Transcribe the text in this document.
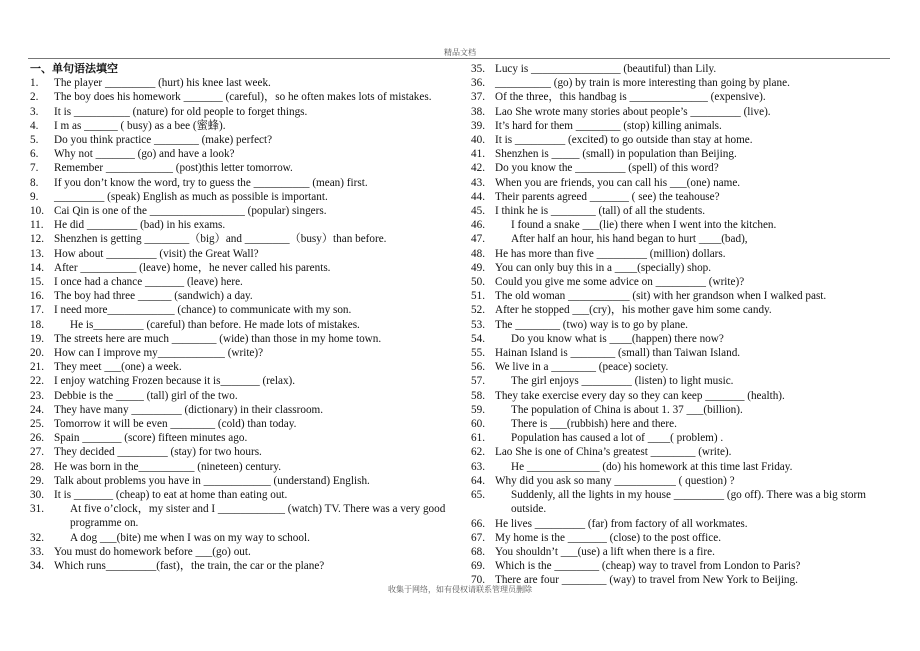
精品文档
一、单句语法填空
1.	The player _________ (hurt) his knee last week.
2.	The boy does his homework _______ (careful)，so he often makes lots of mistakes.
3.	It is __________ (nature) for old people to forget things.
4.	I m as ______ ( busy) as a bee (蜜蜂).
5.	Do you think practice ________ (make) perfect?
6.	Why not _______ (go) and have a look?
7.	Remember ____________ (post)this letter tomorrow.
8.	If you don’t know the word, try to guess the __________ (mean) first.
9.	_________ (speak) English as much as possible is important.
10. Cai Qin is one of the _________________ (popular) singers.
11. He did _________ (bad) in his exams.
12. Shenzhen is getting ________（big）and ________（busy）than before.
13. How about _________ (visit) the Great Wall?
14. After __________ (leave) home，he never called his parents.
15. I once had a chance _______ (leave) here.
16. The boy had three ______ (sandwich) a day.
17. I need more____________ (chance) to communicate with my son.
18.	He is_________ (careful) than before. He made lots of mistakes.
19. The streets here are much ________ (wide) than those in my home town.
20. How can I improve my____________ (write)?
21. They meet ___(one) a week.
22. I enjoy watching Frozen because it is_______ (relax).
23. Debbie is the _____ (tall) girl of the two.
24. They have many _________ (dictionary) in their classroom.
25. Tomorrow it will be even ________ (cold) than today.
26. Spain _______ (score) fifteen minutes ago.
27. They decided _________ (stay) for two hours.
28. He was born in the__________ (nineteen) century.
29. Talk about problems you have in ____________ (understand) English.
30. It is _______ (cheap) to eat at home than eating out.
31.	At five o’clock，my sister and I ____________ (watch) TV. There was a very good programme on.
32.	A dog ___(bite) me when I was on my way to school.
33. You must do homework before ___(go) out.
34. Which runs_________(fast)，the train, the car or the plane?
35. Lucy is ________________ (beautiful) than Lily.
36. __________ (go) by train is more interesting than going by plane.
37. Of the three，this handbag is ______________ (expensive).
38. Lao She wrote many stories about people’s _________ (live).
39. It’s hard for them ________ (stop) killing animals.
40. It is _________ (excited) to go outside than stay at home.
41. Shenzhen is _____ (small) in population than Beijing.
42. Do you know the _________ (spell) of this word?
43. When you are friends, you can call his ___(one) name.
44. Their parents agreed _______ ( see) the teahouse?
45. I think he is ________ (tall) of all the students.
46.	I found a snake ___(lie) there when I went into the kitchen.
47.	After half an hour, his hand began to hurt ____(bad),
48. He has more than five _________ (million) dollars.
49. You can only buy this in a ____(specially) shop.
50. Could you give me some advice on _________ (write)?
51. The old woman ___________ (sit) with her grandson when I walked past.
52. After he stopped ___(cry)，his mother gave him some candy.
53. The ________ (two) way is to go by plane.
54.	Do you know what is ____(happen) there now?
55. Hainan Island is ________ (small) than Taiwan Island.
56. We live in a ________ (peace) society.
57.	The girl enjoys _________ (listen) to light music.
58. They take exercise every day so they can keep _______ (health).
59.	The population of China is about 1. 37 ___(billion).
60.	There is ___(rubbish) here and there.
61.	Population has caused a lot of ____( problem) .
62. Lao She is one of China’s greatest ________ (write).
63.	He _____________ (do) his homework at this time last Friday.
64. Why did you ask so many ___________ ( question) ?
65.	Suddenly, all the lights in my house _________ (go off). There was a big storm outside.
66. He lives _________ (far) from factory of all workmates.
67. My home is the _______ (close) to the post office.
68. You shouldn’t ___(use) a lift when there is a fire.
69. Which is the ________ (cheap) way to travel from London to Paris?
70. There are four ________ (way) to travel from New York to Beijing.
收集于网络，如有侵权请联系管理员删除
